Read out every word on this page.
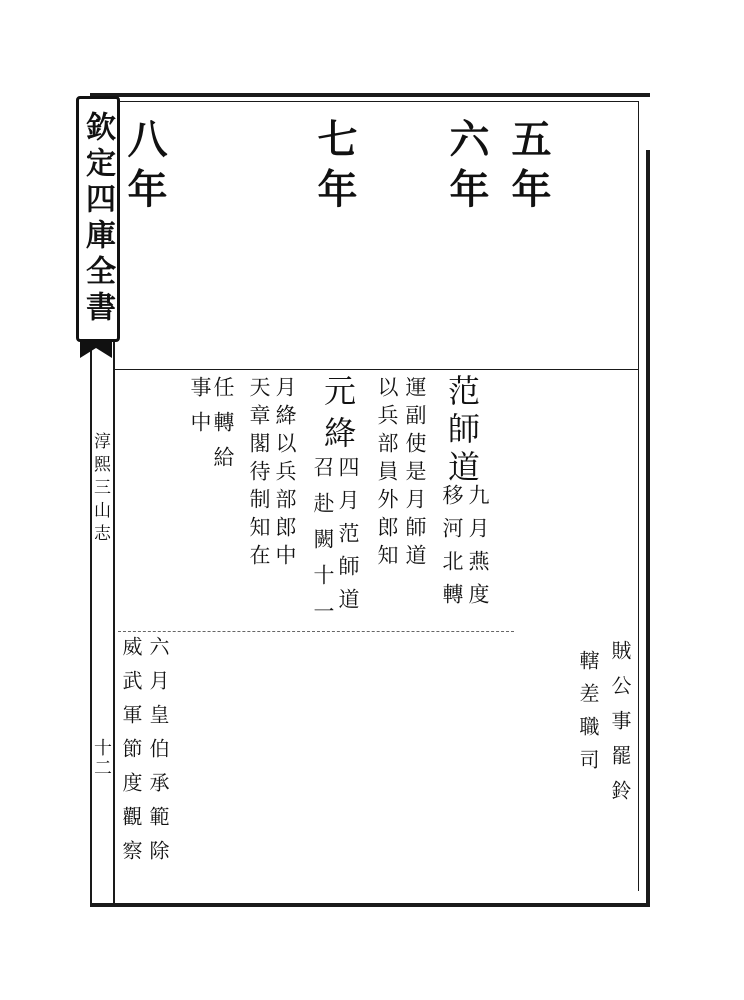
欽定四庫全書
淳熙三山志
十二
五年
六年
七年
八年
范師道
九月燕度
移河北轉
運副使是月師道
以兵部員外郎知
元絳
四月范師道
召赴闕十一
月絳以兵部郎中
天章閣待制知在
任轉給
事中
賊公事罷鈴
轄差職司
六月皇伯承範除
威武軍節度觀察
